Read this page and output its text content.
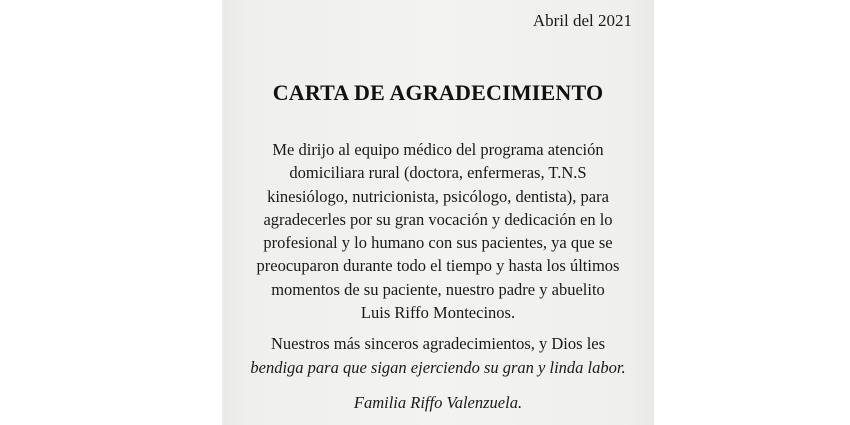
Abril del 2021

CARTA DE AGRADECIMIENTO
Me dirijo al equipo médico del programa atención
domiciliara rural (doctora, enfermeras, T.N.S
kinesiólogo, nutricionista, psicólogo, dentista), para
agradecerles por su gran vocación y dedicación en lo
profesional y lo humano con sus pacientes, ya que se
preocuparon durante todo el tiempo y hasta los últimos
momentos de su paciente, nuestro padre y abuelito
Luis Riffo Montecinos.
Nuestros más sinceros agradecimientos, y Dios les
bendiga para que sigan ejerciendo su gran y linda labor.

Familia Riffo Valenzuela.
